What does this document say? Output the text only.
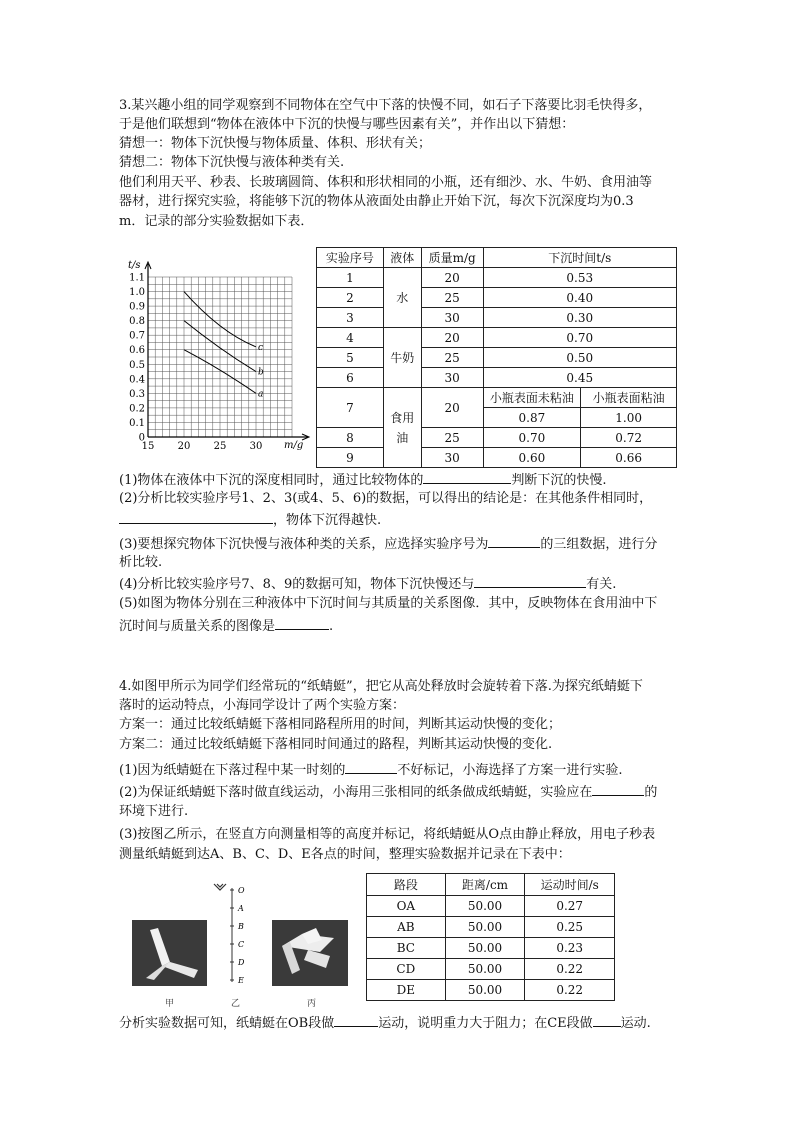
3.某兴趣小组的同学观察到不同物体在空气中下落的快慢不同，如石子下落要比羽毛快得多，
于是他们联想到“物体在液体中下沉的快慢与哪些因素有关”，并作出以下猜想：
猜想一：物体下沉快慢与物体质量、体积、形状有关；
猜想二：物体下沉快慢与液体种类有关.
他们利用天平、秒表、长玻璃圆筒、体积和形状相同的小瓶，还有细沙、水、牛奶、食用油等
器材，进行探究实验，将能够下沉的物体从液面处由静止开始下沉，每次下沉深度均为0.3
m．记录的部分实验数据如下表．
0
0.1
0.2
0.3
0.4
0.5
0.6
0.7
0.8
0.9
1.0
1.1
15 20 25 30
c
b
a
t/s
m/g
实验序号	液体	质量m/g	下沉时间t/s	
1	水	20	0.53	
2		25	0.40	
3		30	0.30	
4	牛奶	20	0.70	
5		25	0.50	
6		30	0.45	
7	食用油	20	小瓶表面未粘油	小瓶表面粘油
			0.87	1.00
8		25	0.70	0.72
9		30	0.60	0.66
(1)物体在液体中下沉的深度相同时，通过比较物体的	判断下沉的快慢.
(2)分析比较实验序号1、2、3(或4、5、6)的数据，可以得出的结论是：在其他条件相同时，
，物体下沉得越快.
(3)要想探究物体下沉快慢与液体种类的关系，应选择实验序号为	的三组数据，进行分
析比较.
(4)分析比较实验序号7、8、9的数据可知，物体下沉快慢还与	有关.
(5)如图为物体分别在三种液体中下沉时间与其质量的关系图像．其中，反映物体在食用油中下
沉时间与质量关系的图像是	.
4.如图甲所示为同学们经常玩的“纸蜻蜓”，把它从高处释放时会旋转着下落.为探究纸蜻蜓下
落时的运动特点，小海同学设计了两个实验方案：
方案一：通过比较纸蜻蜓下落相同路程所用的时间，判断其运动快慢的变化；
方案二：通过比较纸蜻蜓下落相同时间通过的路程，判断其运动快慢的变化.
(1)因为纸蜻蜓在下落过程中某一时刻的	不好标记，小海选择了方案一进行实验.
(2)为保证纸蜻蜓下落时做直线运动，小海用三张相同的纸条做成纸蜻蜓，实验应在	的
环境下进行.
(3)按图乙所示，在竖直方向测量相等的高度并标记，将纸蜻蜓从O点由静止释放，用电子秒表
测量纸蜻蜓到达A、B、C、D、E各点的时间，整理实验数据并记录在下表中：
甲
O
A
B
C
D
E
乙	丙
路段	距离/cm	运动时间/s
OA	50.00	0.27
AB	50.00	0.25
BC	50.00	0.23
CD	50.00	0.22
DE	50.00	0.22
分析实验数据可知，纸蜻蜓在OB段做	运动，说明重力大于阻力；在CE段做 运动.
